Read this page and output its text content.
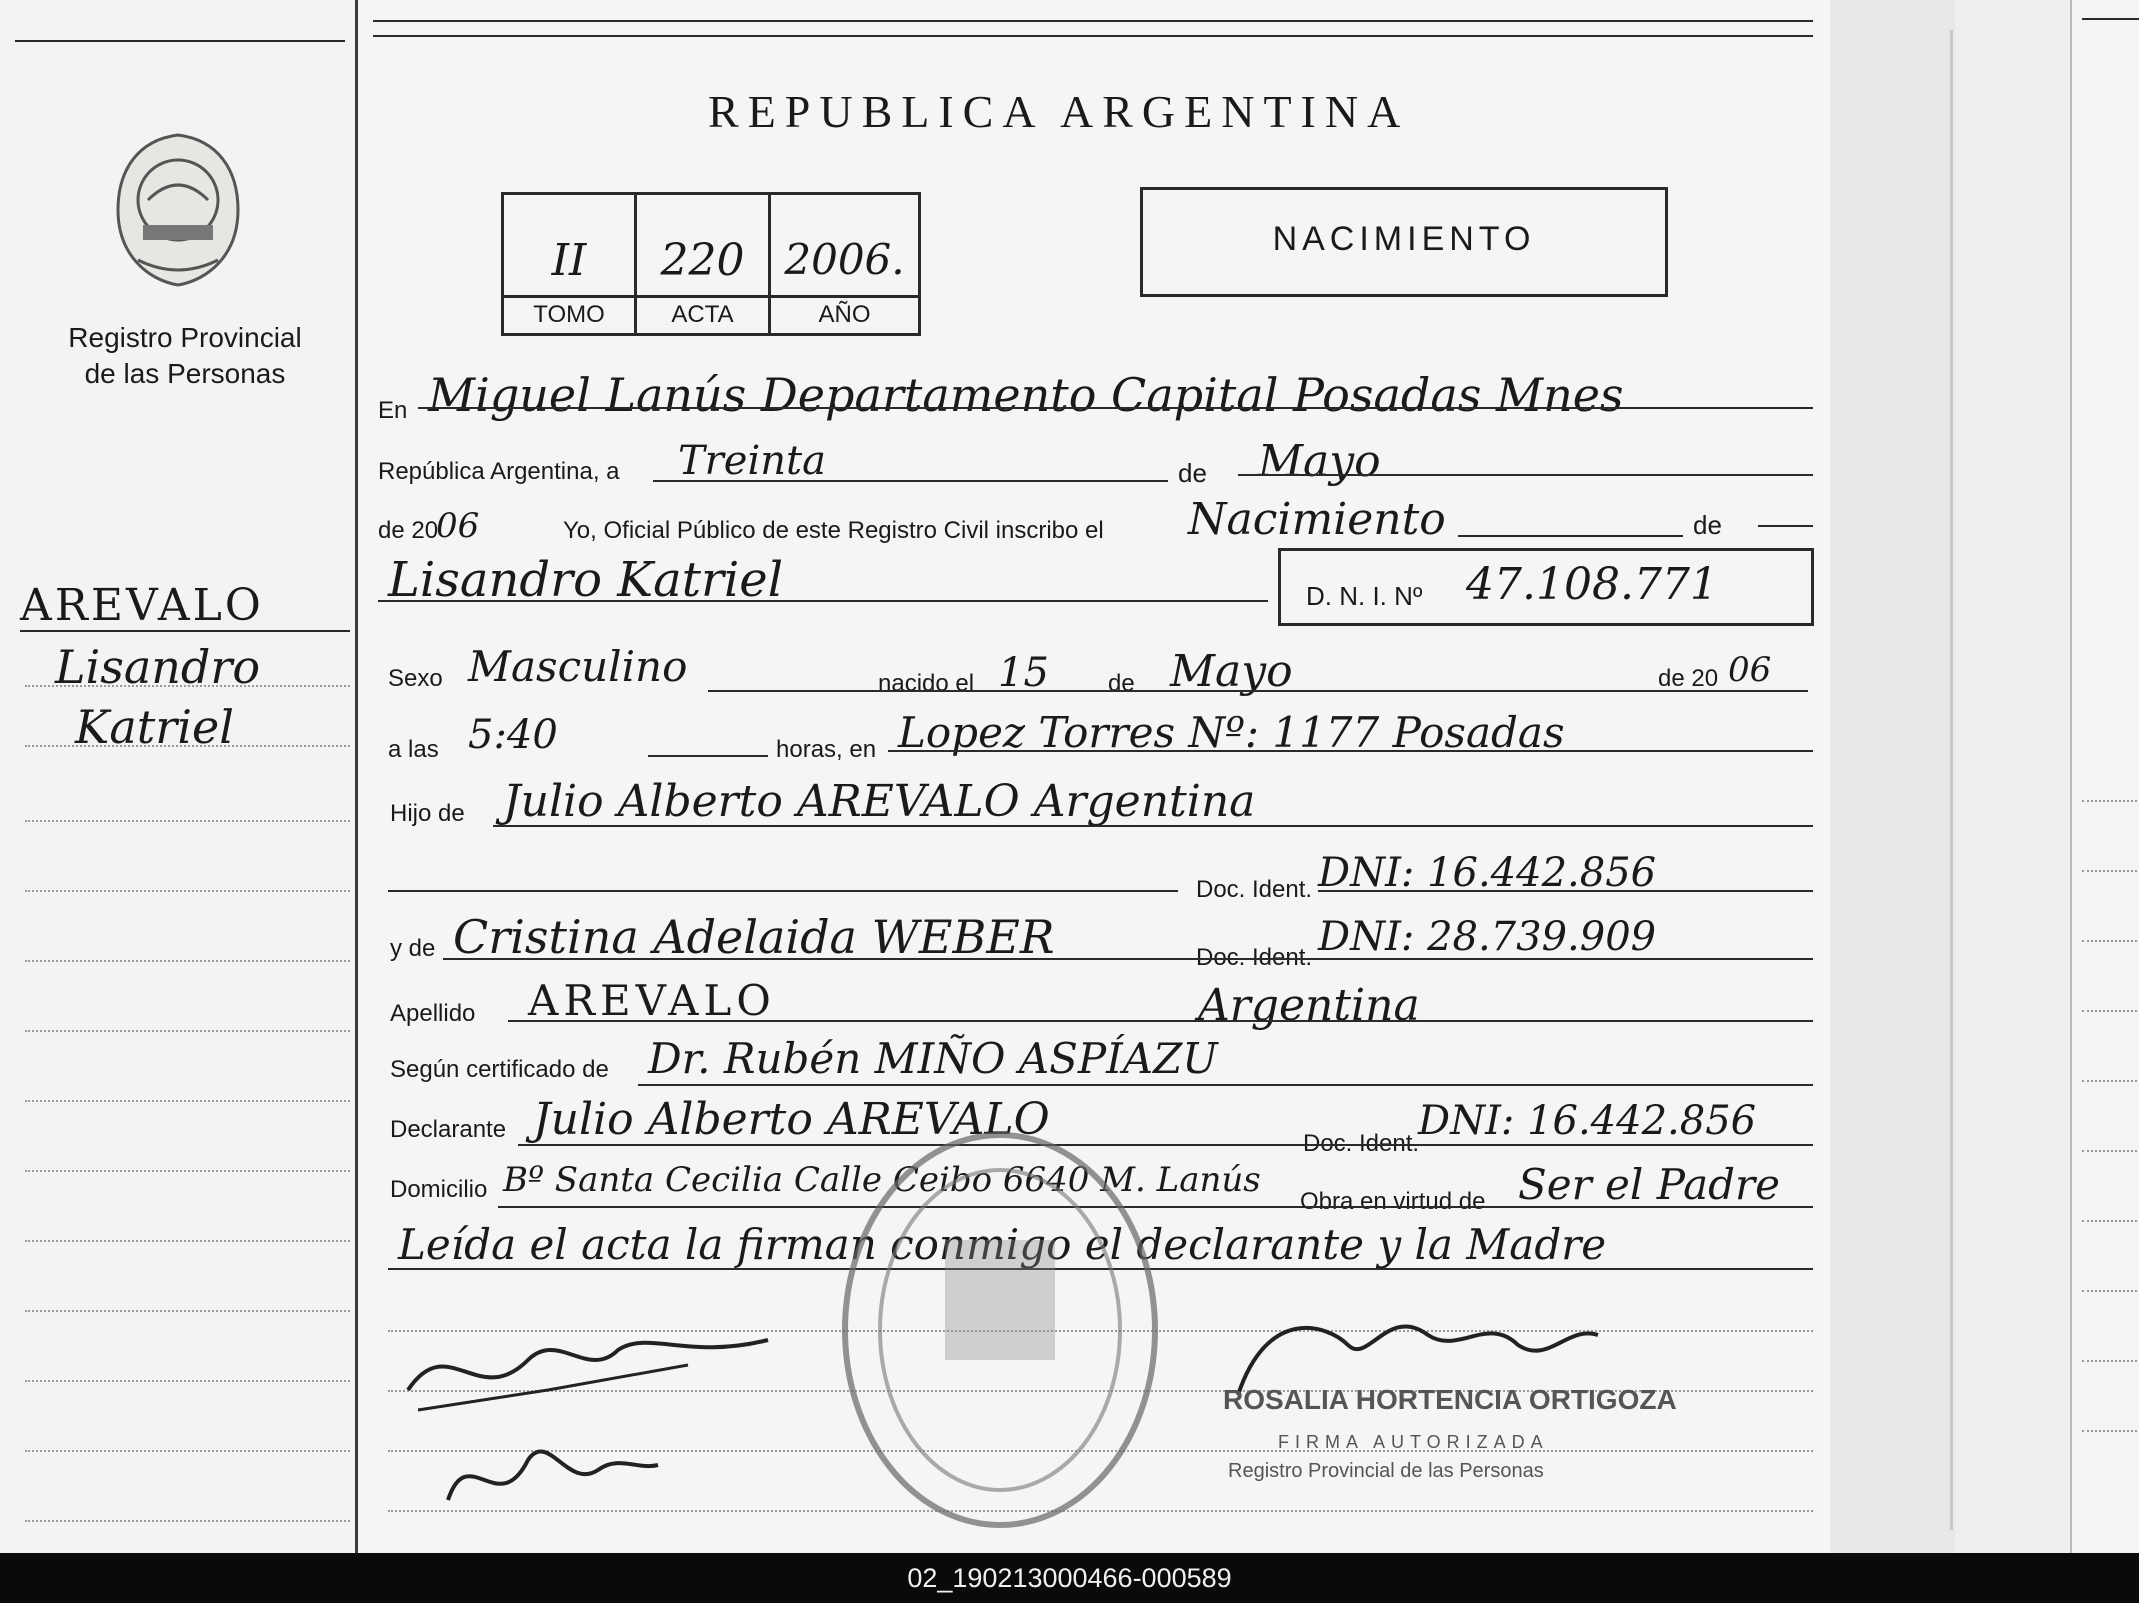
Registro Provincial
de las Personas
AREVALO
Lisandro
Katriel
REPUBLICA ARGENTINA
II	220 2006.
TOMO	ACTA	AÑO
NACIMIENTO
En Miguel Lanús Departamento Capital Posadas Mnes
República Argentina, a Treinta	de Mayo
de 20
06	Yo, Oficial Público de este Registro Civil inscribo el Nacimiento	de
Lisandro Katriel	D. N. I. Nº 47.108.771
Sexo Masculino	nacido el 15 de Mayo	de 20 06
a las 5:40	horas, en Lopez Torres Nº: 1177 Posadas
Hijo de Julio Alberto AREVALO Argentina
Doc. Ident. DNI: 16.442.856
y de Cristina Adelaida WEBER	Doc. Ident. DNI: 28.739.909
Apellido AREVALO	Argentina
Según certificado de Dr. Rubén MIÑO ASPÍAZU
Declarante Julio Alberto AREVALO	Doc. Ident.
DNI: 16.442.856
Domicilio Bº Santa Cecilia Calle Ceibo 6640 M. Lanús
Obra en virtud de Ser el Padre
Leída el acta la firman conmigo el declarante y la Madre
ROSALIA HORTENCIA ORTIGOZA
FIRMA AUTORIZADA
Registro Provincial de las Personas
02_190213000466-000589
